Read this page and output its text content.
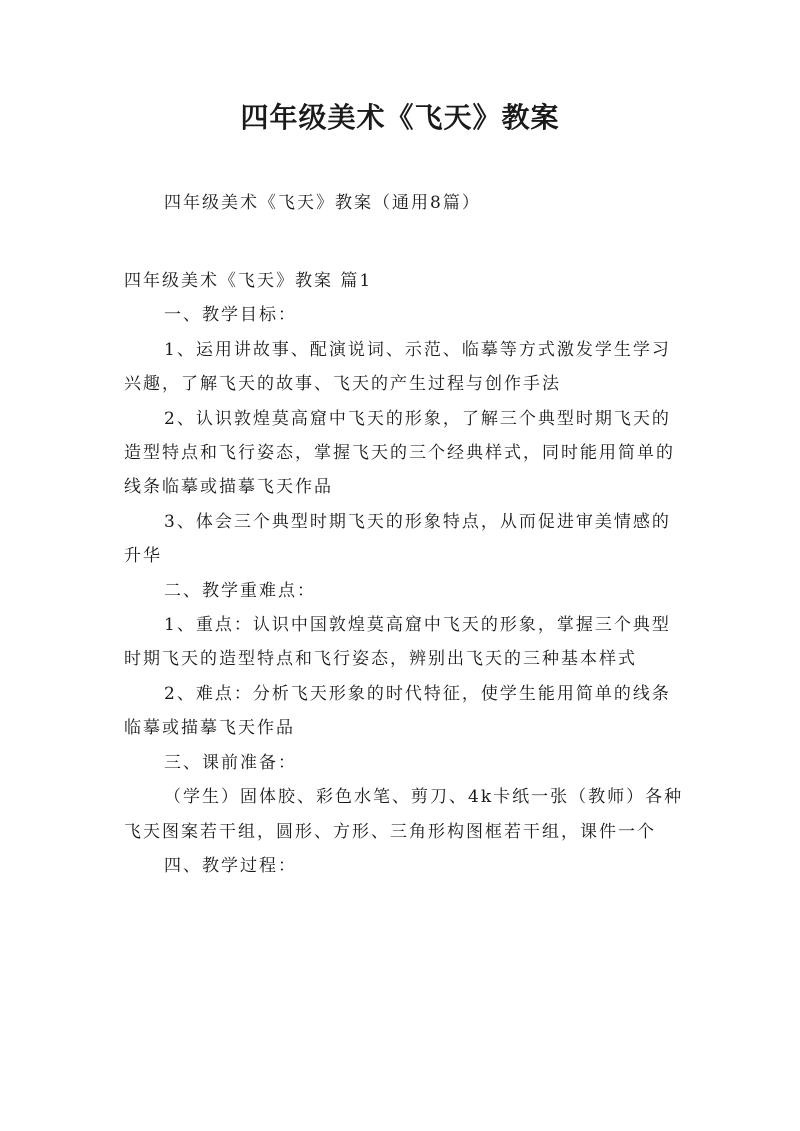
四年级美术《飞天》教案

四年级美术《飞天》教案（通用8篇）

四年级美术《飞天》教案 篇1

一、教学目标：

1、运用讲故事、配演说词、示范、临摹等方式激发学生学习兴趣，了解飞天的故事、飞天的产生过程与创作手法

2、认识敦煌莫高窟中飞天的形象，了解三个典型时期飞天的造型特点和飞行姿态，掌握飞天的三个经典样式，同时能用简单的线条临摹或描摹飞天作品

3、体会三个典型时期飞天的形象特点，从而促进审美情感的升华

二、教学重难点：

1、重点：认识中国敦煌莫高窟中飞天的形象，掌握三个典型时期飞天的造型特点和飞行姿态，辨别出飞天的三种基本样式

2、难点：分析飞天形象的时代特征，使学生能用简单的线条临摹或描摹飞天作品

三、课前准备：

（学生）固体胶、彩色水笔、剪刀、4k卡纸一张（教师）各种飞天图案若干组，圆形、方形、三角形构图框若干组，课件一个

四、教学过程：
